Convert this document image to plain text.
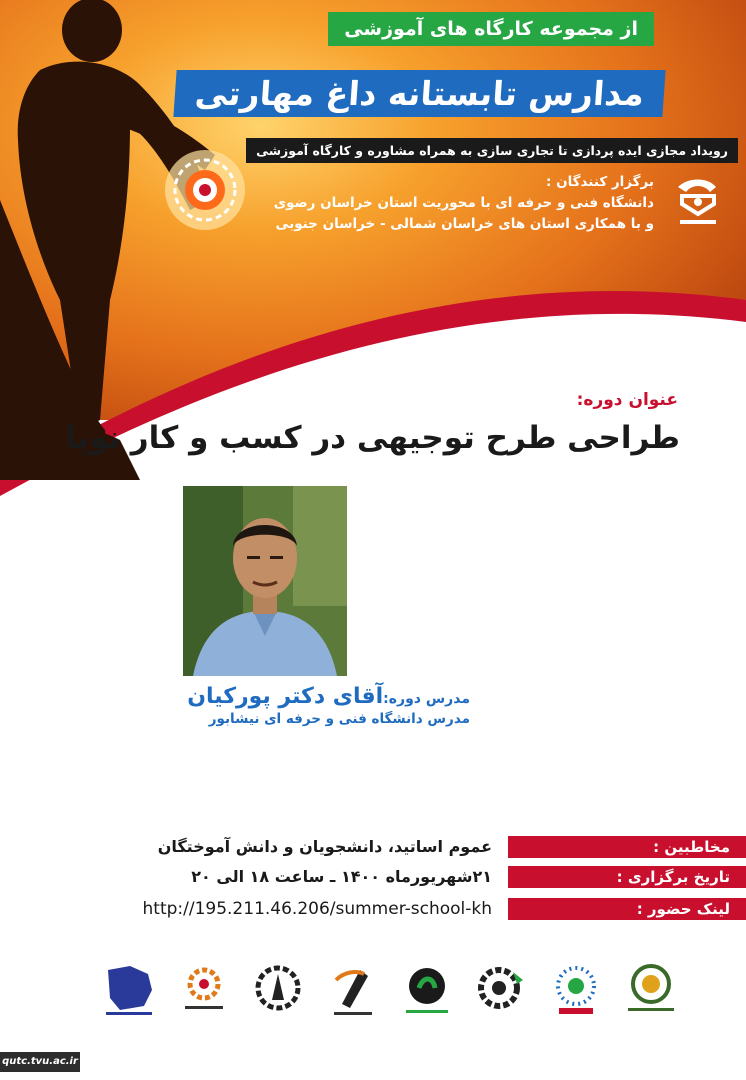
از مجموعه کارگاه های آموزشی
مدارس تابستانه داغ مهارتی
رویداد مجازی ایده پردازی تا تجاری سازی به همراه مشاوره و کارگاه آموزشی
برگزار کنندگان :
دانشگاه فنی و حرفه ای با محوریت استان خراسان رضوی
و با همکاری استان های خراسان شمالی - خراسان جنوبی
عنوان دوره:
طراحی طرح توجیهی در کسب و کار نوپا
مدرس دوره:آقای دکتر پورکیان
مدرس دانشگاه فنی و حرفه ای نیشابور
مخاطبین :
عموم اساتید، دانشجویان و دانش آموختگان
تاریخ برگزاری :
۲۱شهریورماه ۱۴۰۰ ـ ساعت ۱۸ الی ۲۰
لینک حضور :
http://195.211.46.206/summer-school-kh
qutc.tvu.ac.ir
